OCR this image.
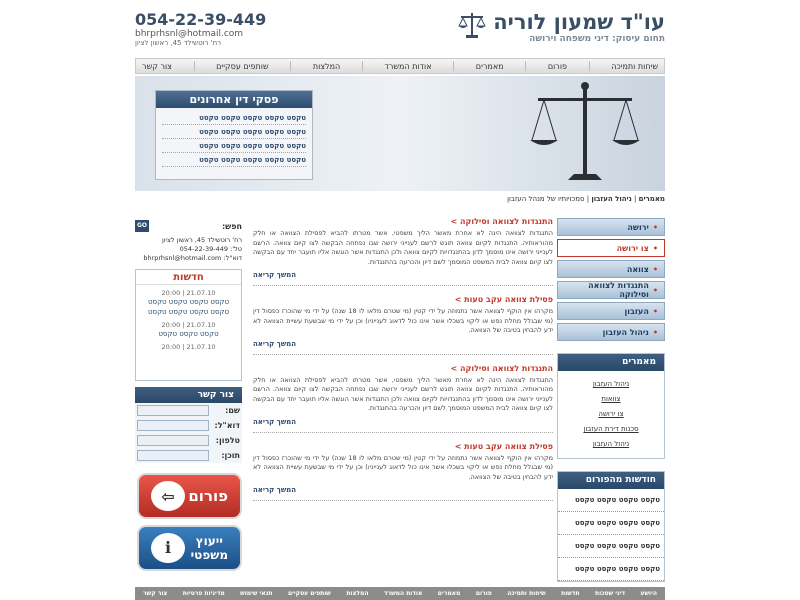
עו"ד שמעון לוריה
תחום עיסוק: דיני משפחה וירושה
054-22-39-449
bhrprhsnl@hotmail.com
רח' רוטשילד 45, ראשון לציון
שיחות ותמיכה
פורום
מאמרים
אודות המשרד
המלצות
שותפים עסקיים
צור קשר
פסקי דין אחרונים
טקסט טקסט טקסט טקסט טקסט
טקסט טקסט טקסט טקסט טקסט
טקסט טקסט טקסט טקסט טקסט
טקסט טקסט טקסט טקסט טקסט
מאמרים | ניהול העזבון | סמכויותיו של מנהל העזבון
• ירושה
• צו ירושה
• צוואה
• התנגדות לצוואה וסילוקה
• העזבון
• ניהול העזבון
מאמרים
ניהול העזבון
צוואות
צו ירושה
סכנות דירת העזבון
ניהול העזבון
חודשות מהפורום
טקסט טקסט טקסט טקסט
טקסט טקסט טקסט טקסט
טקסט טקסט טקסט טקסט
טקסט טקסט טקסט טקסט
התנגדות לצוואה וסילוקה >

התנגדות לצוואה הינה לא אחרת מאשר הליך משפטי, אשר מטרתו להביא לפסילת הצוואה או חלק מהוראותיה. התנגדות לקיום צוואה תוגש לרשם לענייני ירושה שבו נפתחה הבקשה לצו קיום צוואה. הרשם לענייני ירושה אינו מוסמך לדון בהתנגדויות לקיום צוואה ולכן התנגדות אשר הוגשה אליו תועבר יחד עם הבקשה לצו קיום צוואה לבית המשפט המוסמך לשם דיון והכרעה בהתנגדות.

המשך קריאה
פסילת צוואה עקב טעות >

מקרהו אין הוקף לצוואה אשר נתמוזה על ידי קטין (מי שטרם מלאו לו 18 שנה) על ידי מי שהוכרז כפסול דין (מי שבגלל מחלת נפש או ליקוי בשכלו אשר אינו כול לדאוג לענייניו) וכן על ידי מי שבשעת עשיית הצוואה לא ידע להבחין בטיבה של הצוואה.

המשך קריאה
התנגדות לצוואה וסילוקה >

התנגדות לצוואה הינה לא אחרת מאשר הליך משפטי, אשר מטרתו להביא לפסילת הצוואה או חלק מהוראותיה. התנגדות לקיום צוואה תוגש לרשם לענייני ירושה שבו נפתחה הבקשה לצו קיום צוואה. הרשם לענייני ירושה אינו מוסמך לדון בהתנגדויות לקיום צוואה ולכן התנגדות אשר הוגשה אליו תועבר יחד עם הבקשה לצו קיום צוואה לבית המשפט המוסמך לשם דיון והכרעה בהתנגדות.

המשך קריאה
פסילת צוואה עקב טעות >

מקרהו אין הוקף לצוואה אשר נתמוזה על ידי קטין (מי שטרם מלאו לו 18 שנה) על ידי מי שהוכרז כפסול דין (מי שבגלל מחלת נפש או ליקוי בשכלו אשר אינו כול לדאוג לענייניו) וכן על ידי מי שבשעת עשיית הצוואה לא ידע להבחין בטיבה של הצוואה.

המשך קריאה
חפש:
GO
רח' רוטשילד 45, ראשון לציון
טל': 054-22-39-449
דוא"ל: bhrprhsnl@hotmail.com
חדשות
21.07.10 | 20:00
טקסט טקסט טקסט טקסט
טקסט טקסט טקסט טקסט
21.07.10 | 20:00
טקסט טקסט טקסט
21.07.10 | 20:00
צור קשר
שם:
דוא"ל:
טלפון:
תוכן:
פורום
⇦
ייעוץ
משפטי
ℹ
היושע
דיני שטכות
חדשות
שיחות ותמיכה
פורום
מאמרים
אודות המשרד
המלצות
שותפים עסקיים
תנאי שימוש
מדיניות פרטיות
צור קשר
